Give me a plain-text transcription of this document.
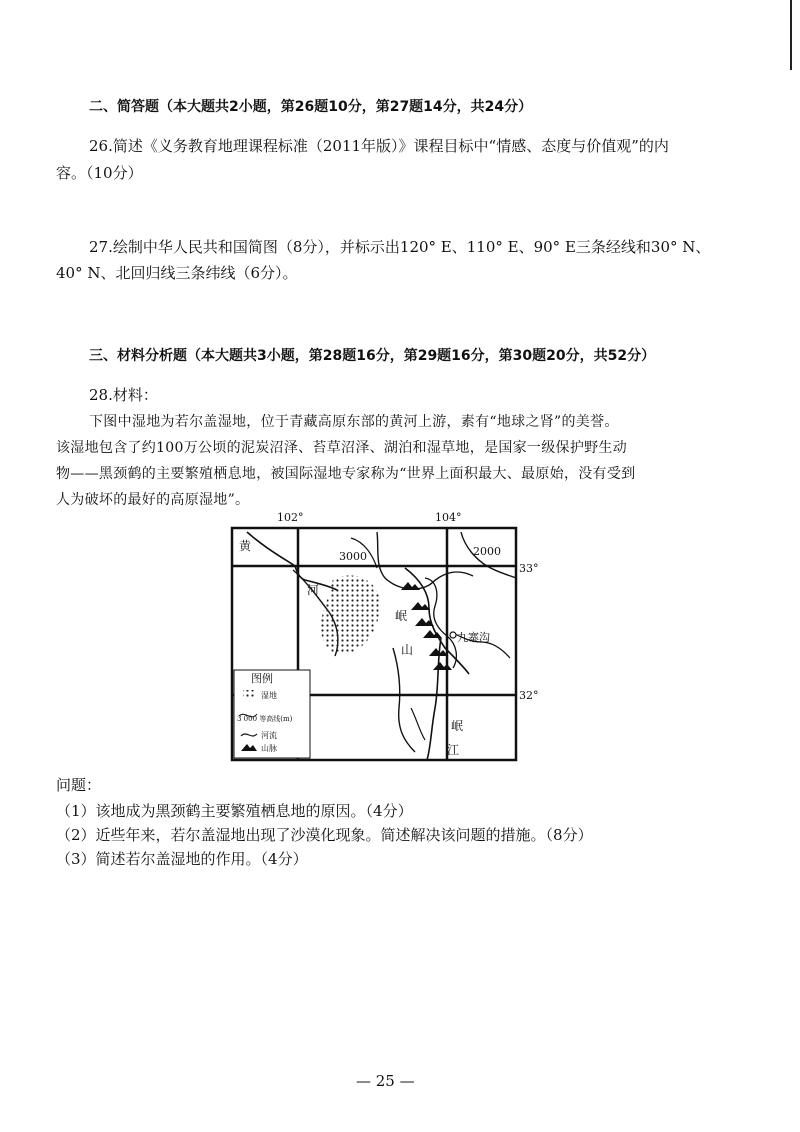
二、简答题（本大题共2小题，第26题10分，第27题14分，共24分）
26.简述《义务教育地理课程标准（2011年版）》课程目标中“情感、态度与价值观”的内
容。（10分）
27.绘制中华人民共和国简图（8分），并标示出120° E、110° E、90° E三条经线和30° N、
40° N、北回归线三条纬线（6分）。
三、材料分析题（本大题共3小题，第28题16分，第29题16分，第30题20分，共52分）
28.材料：
下图中湿地为若尔盖湿地，位于青藏高原东部的黄河上游，素有“地球之肾”的美誉。
该湿地包含了约100万公顷的泥炭沼泽、苔草沼泽、湖泊和湿草地，是国家一级保护野生动
物——黑颈鹤的主要繁殖栖息地，被国际湿地专家称为“世界上面积最大、最原始，没有受到
人为破坏的最好的高原湿地”。
102°	104°
33°
32°
黄
河
3000	2000
岷
山
九寨沟
岷
江
图例
湿地
3 000 等高线(m)
河流
山脉
问题：
（1）该地成为黑颈鹤主要繁殖栖息地的原因。（4分）
（2）近些年来，若尔盖湿地出现了沙漠化现象。简述解决该问题的措施。（8分）
（3）简述若尔盖湿地的作用。（4分）
— 25 —
